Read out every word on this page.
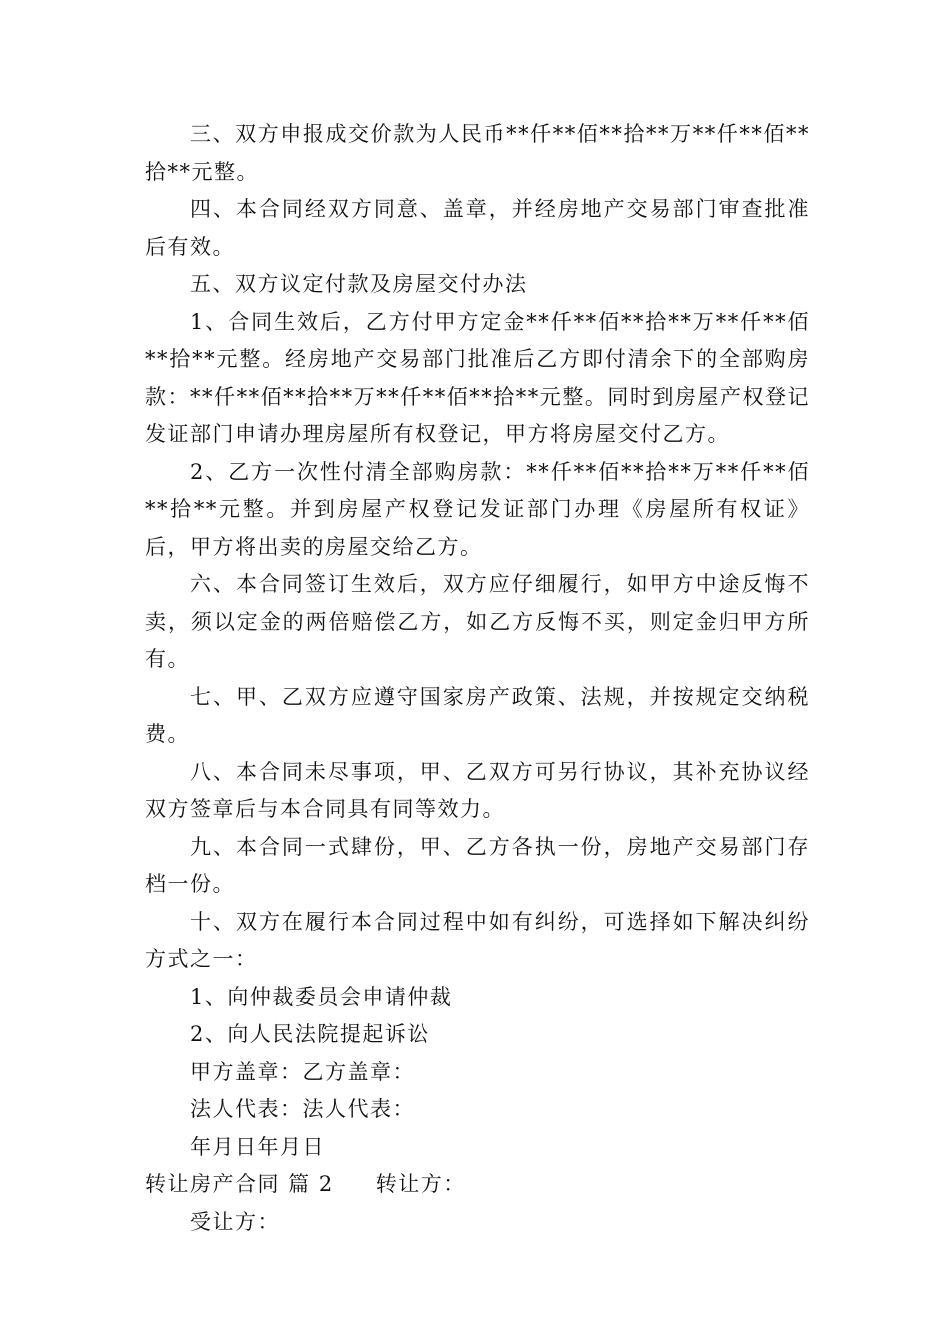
三、双方申报成交价款为人民币**仟**佰**拾**万**仟**佰**拾**元整。

四、本合同经双方同意、盖章，并经房地产交易部门审查批准后有效。

五、双方议定付款及房屋交付办法

1、合同生效后，乙方付甲方定金**仟**佰**拾**万**仟**佰**拾**元整。经房地产交易部门批准后乙方即付清余下的全部购房款：**仟**佰**拾**万**仟**佰**拾**元整。同时到房屋产权登记发证部门申请办理房屋所有权登记，甲方将房屋交付乙方。

2、乙方一次性付清全部购房款：**仟**佰**拾**万**仟**佰**拾**元整。并到房屋产权登记发证部门办理《房屋所有权证》后，甲方将出卖的房屋交给乙方。

六、本合同签订生效后，双方应仔细履行，如甲方中途反悔不卖，须以定金的两倍赔偿乙方，如乙方反悔不买，则定金归甲方所有。

七、甲、乙双方应遵守国家房产政策、法规，并按规定交纳税费。

八、本合同未尽事项，甲、乙双方可另行协议，其补充协议经双方签章后与本合同具有同等效力。

九、本合同一式肆份，甲、乙方各执一份，房地产交易部门存档一份。

十、双方在履行本合同过程中如有纠纷，可选择如下解决纠纷方式之一：

1、向仲裁委员会申请仲裁

2、向人民法院提起诉讼

甲方盖章：乙方盖章：

法人代表：法人代表：

年月日年月日

转让房产合同 篇 2 转让方：

受让方：
